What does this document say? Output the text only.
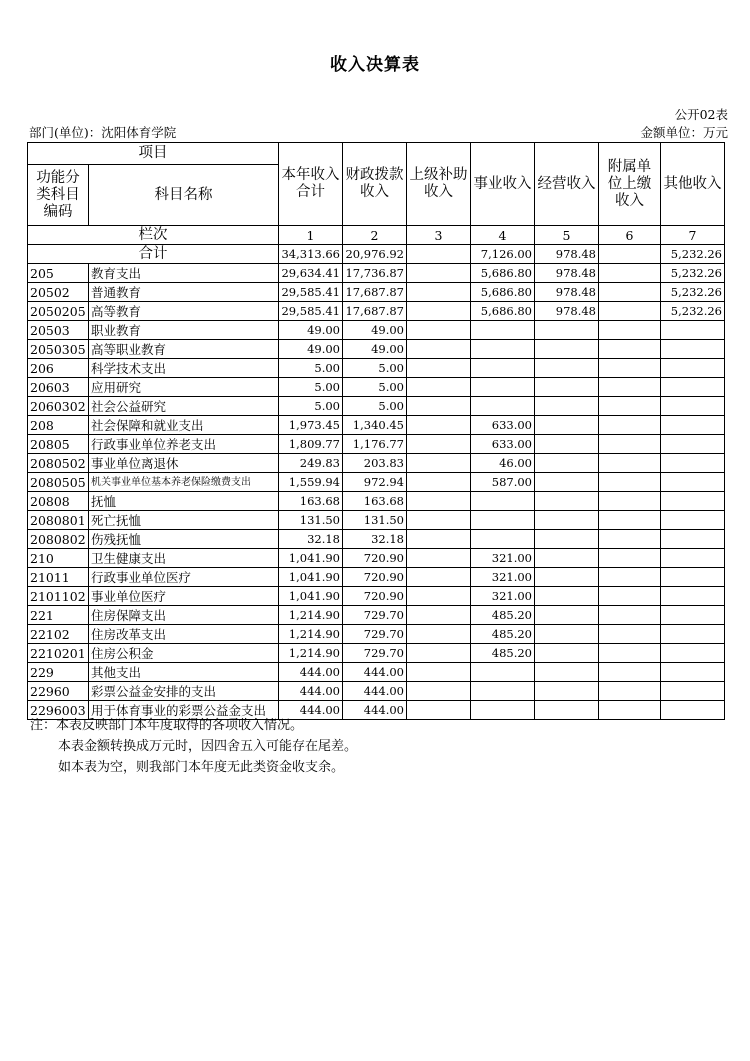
收入决算表
公开02表
部门(单位)：沈阳体育学院	金额单位：万元
项目		本年收入合计	财政拨款收入	上级补助收入	事业收入	经营收入	附属单位上缴收入	其他收入
功能分类科目编码	科目名称							
栏次		1	2	3	4	5	6	7
合计		34,313.66	20,976.92		7,126.00	978.48		5,232.26
205	教育支出	29,634.41	17,736.87		5,686.80	978.48		5,232.26
20502	普通教育	29,585.41	17,687.87		5,686.80	978.48		5,232.26
2050205	高等教育	29,585.41	17,687.87		5,686.80	978.48		5,232.26
20503	职业教育	49.00	49.00					
2050305	高等职业教育	49.00	49.00					
206	科学技术支出	5.00	5.00					
20603	应用研究	5.00	5.00					
2060302	社会公益研究	5.00	5.00					
208	社会保障和就业支出	1,973.45	1,340.45		633.00			
20805	行政事业单位养老支出	1,809.77	1,176.77		633.00			
2080502	事业单位离退休	249.83	203.83		46.00			
2080505	机关事业单位基本养老保险缴费支出	1,559.94	972.94		587.00			
20808	抚恤	163.68	163.68					
2080801	死亡抚恤	131.50	131.50					
2080802	伤残抚恤	32.18	32.18					
210	卫生健康支出	1,041.90	720.90		321.00			
21011	行政事业单位医疗	1,041.90	720.90		321.00			
2101102	事业单位医疗	1,041.90	720.90		321.00			
221	住房保障支出	1,214.90	729.70		485.20			
22102	住房改革支出	1,214.90	729.70		485.20			
2210201	住房公积金	1,214.90	729.70		485.20			
229	其他支出	444.00	444.00					
22960	彩票公益金安排的支出	444.00	444.00					
2296003	用于体育事业的彩票公益金支出	444.00	444.00					
注：本表反映部门本年度取得的各项收入情况。
本表金额转换成万元时，因四舍五入可能存在尾差。
如本表为空，则我部门本年度无此类资金收支余。
